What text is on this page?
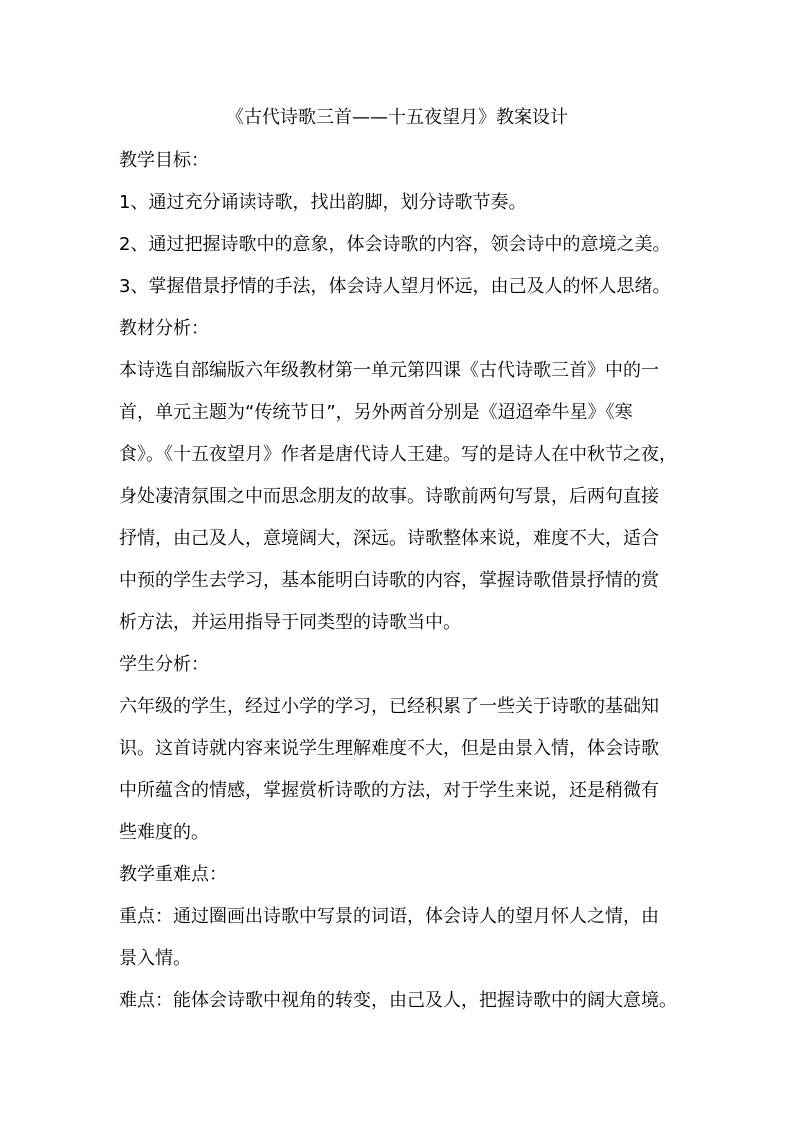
《古代诗歌三首——十五夜望月》教案设计
教学目标：
1、通过充分诵读诗歌，找出韵脚，划分诗歌节奏。
2、通过把握诗歌中的意象，体会诗歌的内容，领会诗中的意境之美。
3、掌握借景抒情的手法，体会诗人望月怀远，由己及人的怀人思绪。
教材分析：
本诗选自部编版六年级教材第一单元第四课《古代诗歌三首》中的一
首，单元主题为“传统节日”，另外两首分别是《迢迢牵牛星》《寒
食》。《十五夜望月》作者是唐代诗人王建。写的是诗人在中秋节之夜，
身处凄清氛围之中而思念朋友的故事。诗歌前两句写景，后两句直接
抒情，由己及人，意境阔大，深远。诗歌整体来说，难度不大，适合
中预的学生去学习，基本能明白诗歌的内容，掌握诗歌借景抒情的赏
析方法，并运用指导于同类型的诗歌当中。
学生分析：
六年级的学生，经过小学的学习，已经积累了一些关于诗歌的基础知
识。这首诗就内容来说学生理解难度不大，但是由景入情，体会诗歌
中所蕴含的情感，掌握赏析诗歌的方法，对于学生来说，还是稍微有
些难度的。
教学重难点：
重点：通过圈画出诗歌中写景的词语，体会诗人的望月怀人之情，由
景入情。
难点：能体会诗歌中视角的转变，由己及人，把握诗歌中的阔大意境。
